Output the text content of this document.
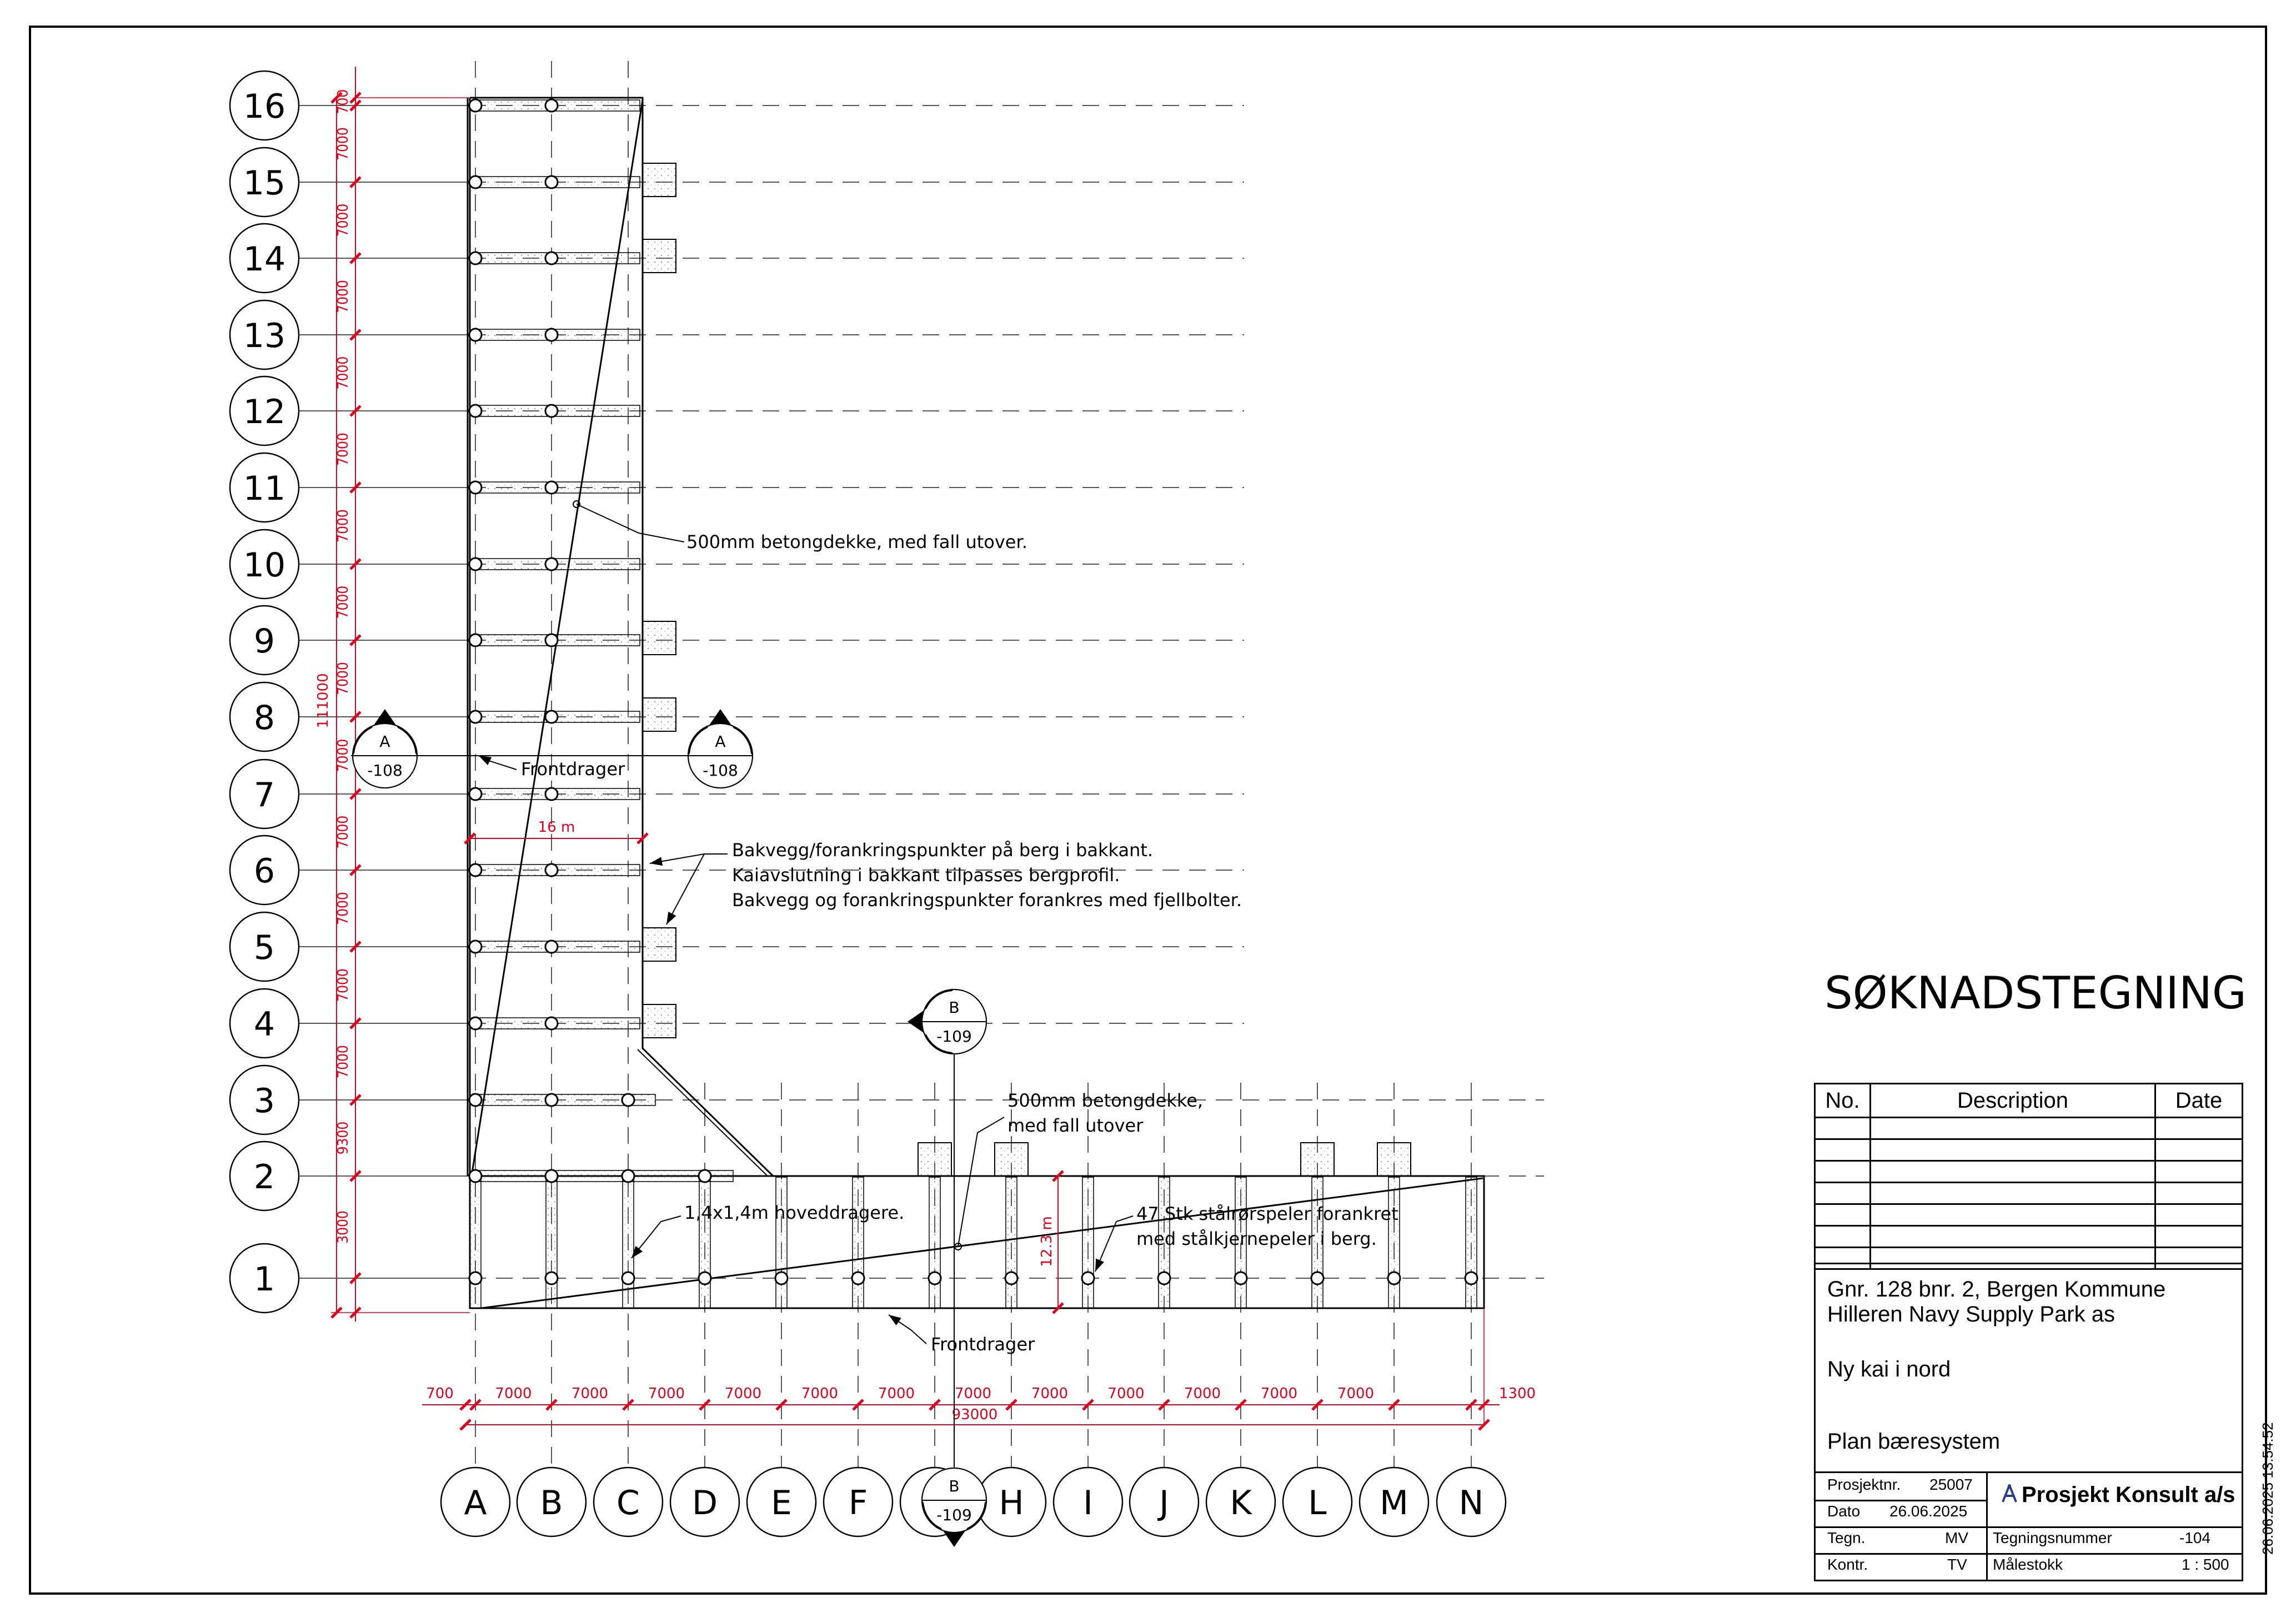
700
7000
7000
7000
7000
7000
7000
7000
7000
7000
7000
7000
7000
7000
9300
3000
111000
700	7000	7000	7000	7000	7000	7000	7000	7000	7000	7000	7000	7000	1300
93000
16 m
12.3 m
16
15
14
13
12
11
10
9
8
7
6
5
4
3
2
1
A B C D E F	H I J K L M N
A
-108
A
-108
B
-109
B
-109
500mm betongdekke, med fall utover.
Frontdrager
Bakvegg/forankringspunkter på berg i bakkant.
Kaiavslutning i bakkant tilpasses bergprofil.
Bakvegg og forankringspunkter forankres med fjellbolter.
500mm betongdekke,
med fall utover
1,4x1,4m hoveddragere.	47 Stk stålrørspeler forankret
med stålkjernepeler i berg.
Frontdrager
SØKNADSTEGNING
No.	Description	Date

Gnr. 128 bnr. 2, Bergen Kommune
Hilleren Navy Supply Park as
Ny kai i nord
Plan bæresystem
Prosjektnr. 25007
Dato 26.06.2025
Tegn.	MV
Kontr.	TV
Prosjekt Konsult a/s
Tegningsnummer	-104
Målestokk	1 : 500
26.06.2025 13:54:52
